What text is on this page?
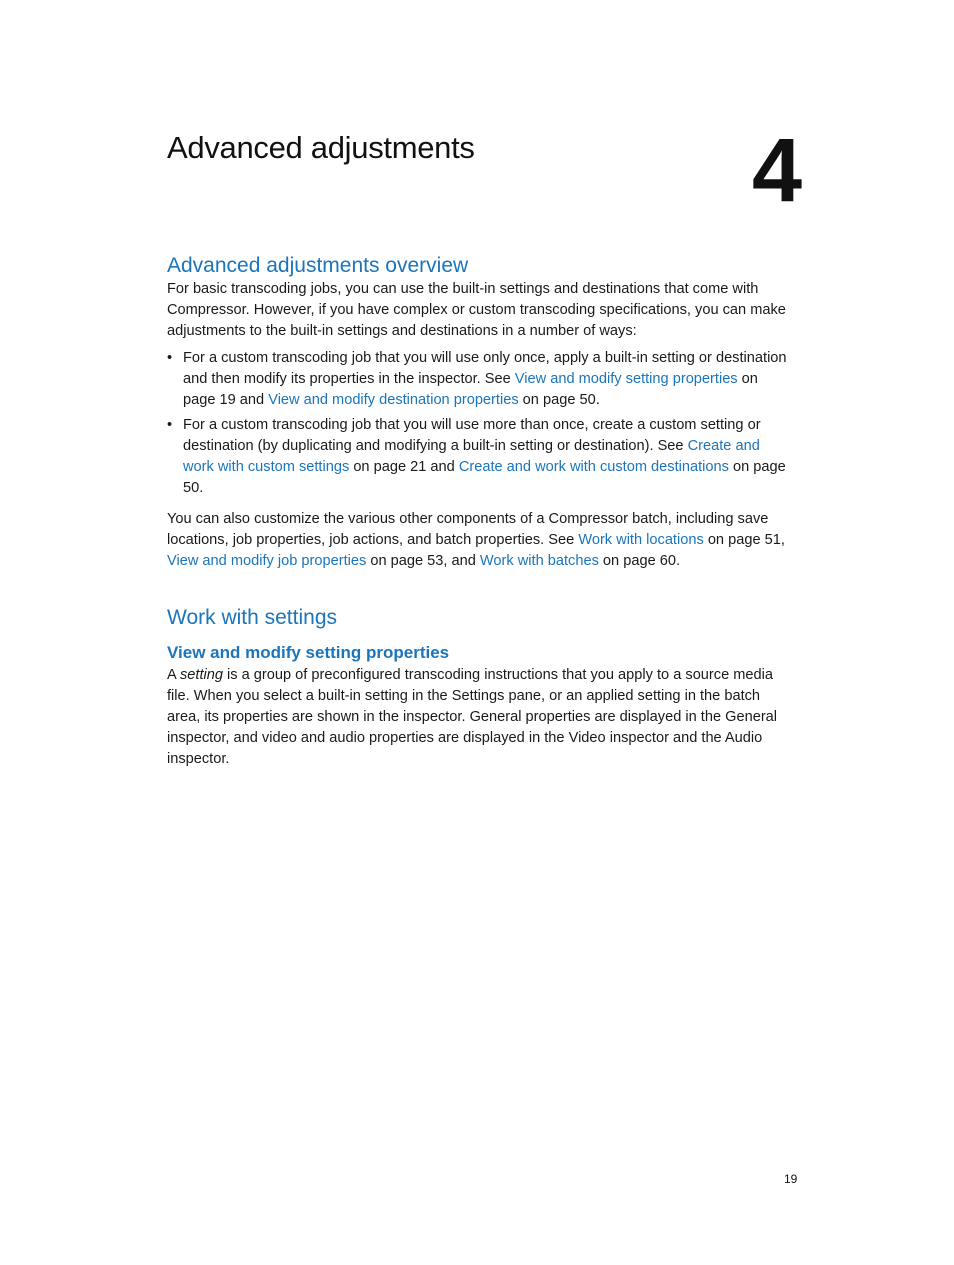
Advanced adjustments	4
Advanced adjustments overview

For basic transcoding jobs, you can use the built-in settings and destinations that come with Compressor. However, if you have complex or custom transcoding specifications, you can make adjustments to the built-in settings and destinations in a number of ways:

• For a custom transcoding job that you will use only once, apply a built-in setting or destination and then modify its properties in the inspector. See View and modify setting properties on page 19 and View and modify destination properties on page 50.
• For a custom transcoding job that you will use more than once, create a custom setting or destination (by duplicating and modifying a built-in setting or destination). See Create and work with custom settings on page 21 and Create and work with custom destinations on page 50.

You can also customize the various other components of a Compressor batch, including save locations, job properties, job actions, and batch properties. See Work with locations on page 51, View and modify job properties on page 53, and Work with batches on page 60.

Work with settings
View and modify setting properties

A setting is a group of preconfigured transcoding instructions that you apply to a source media file. When you select a built-in setting in the Settings pane, or an applied setting in the batch area, its properties are shown in the inspector. General properties are displayed in the General inspector, and video and audio properties are displayed in the Video inspector and the Audio inspector.

19
